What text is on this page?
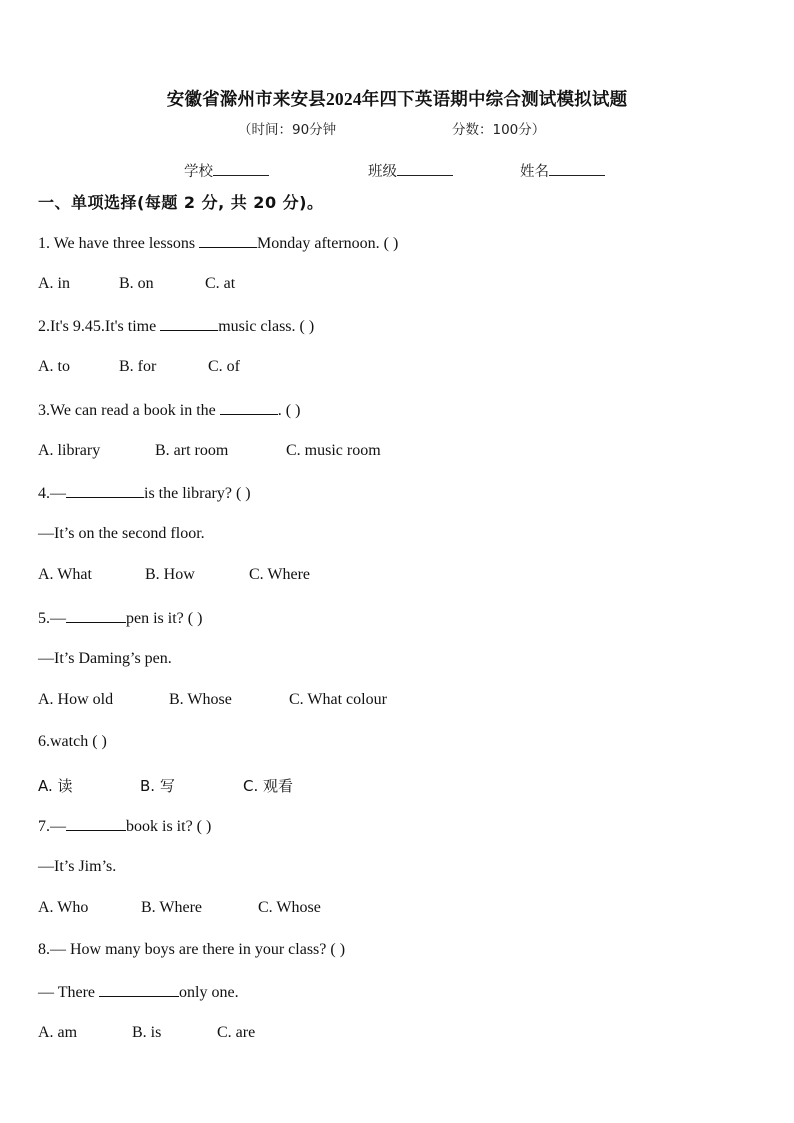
安徽省滁州市来安县2024年四下英语期中综合测试模拟试题
（时间：90分钟	分数：100分）
学校	班级	姓名
一、单项选择(每题 2 分, 共 20 分)。
1. We have three lessons	Monday afternoon. ( )
A. in	B. on	C. at
2.It's 9.45.It's time	music class. ( )
A. to	B. for	C. of
3.We can read a book in the	. ( )
A. library	B. art room	C. music room
4.—	is the library? ( )
—It’s on the second floor.
A. What	B. How	C. Where
5.—	pen is it? ( )
—It’s Daming’s pen.
A. How old	B. Whose	C. What colour
6.watch ( )
A. 读	B. 写	C. 观看
7.—	book is it? ( )
—It’s Jim’s.
A. Who	B. Where	C. Whose
8.— How many boys are there in your class? ( )
— There	only one.
A. am	B. is	C. are
